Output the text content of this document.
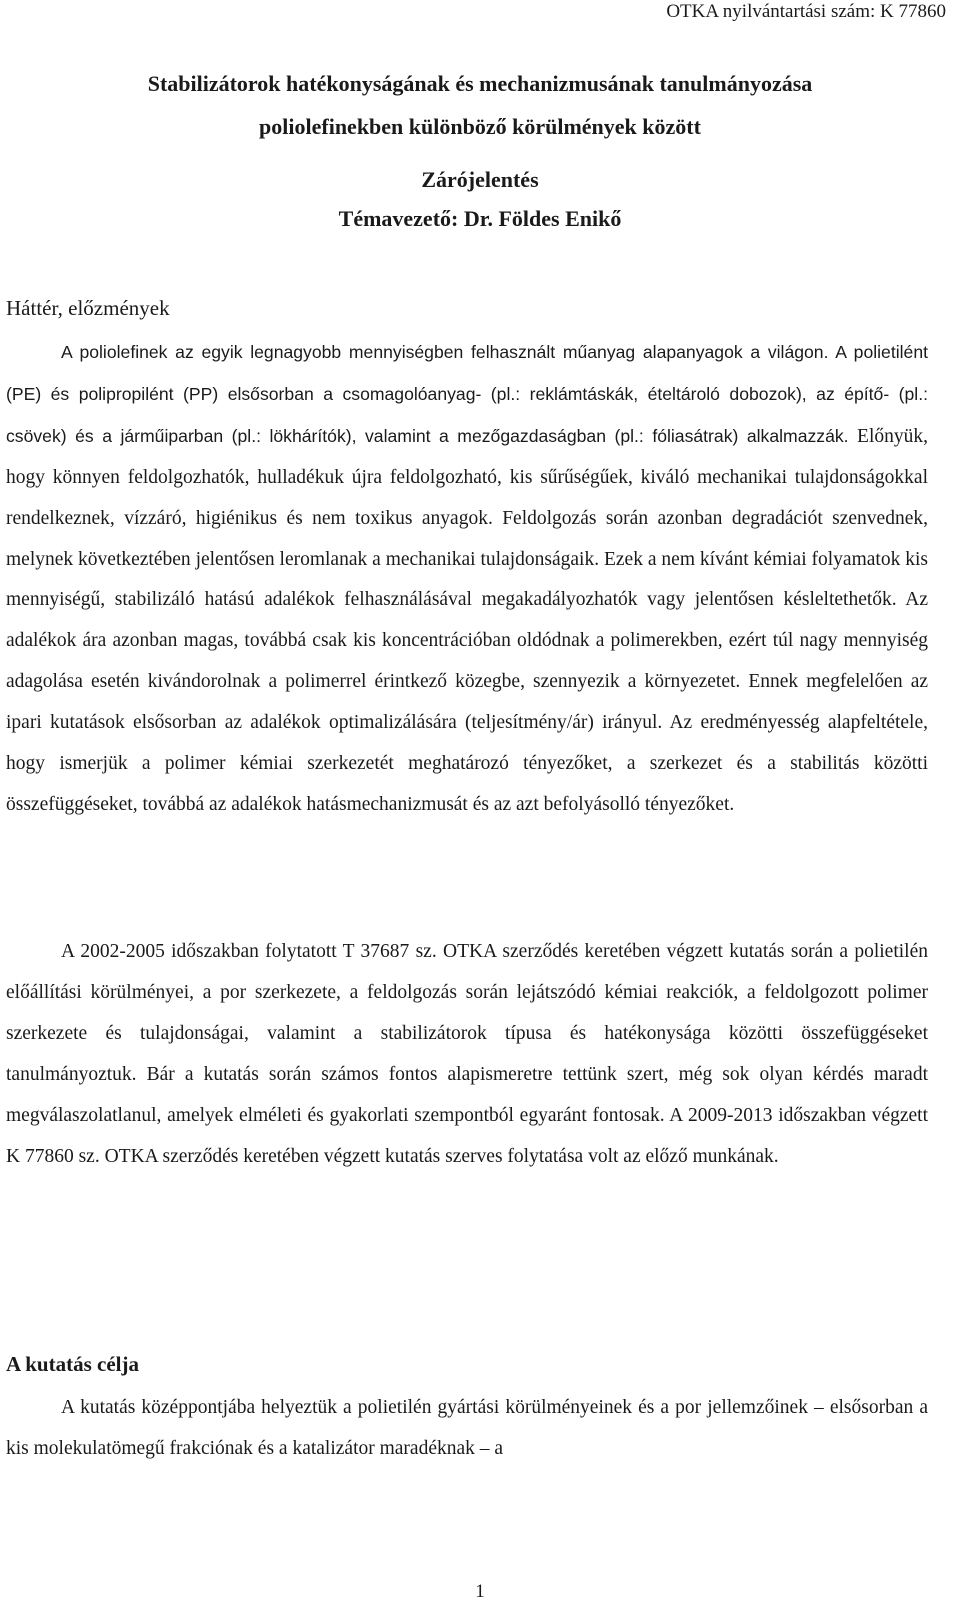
OTKA nyilvántartási szám: K 77860
Stabilizátorok hatékonyságának és mechanizmusának tanulmányozása
poliolefinekben különböző körülmények között
Zárójelentés
Témavezető: Dr. Földes Enikő
Háttér, előzmények

A poliolefinek az egyik legnagyobb mennyiségben felhasznált műanyag alapanyagok a világon. A polietilént (PE) és polipropilént (PP) elsősorban a csomagolóanyag- (pl.: reklámtáskák, ételtároló dobozok), az építő- (pl.: csövek) és a járműiparban (pl.: lökhárítók), valamint a mezőgazdaságban (pl.: fóliasátrak) alkalmazzák. Előnyük, hogy könnyen feldolgozhatók, hulladékuk újra feldolgozható, kis sűrűségűek, kiváló mechanikai tulajdonságokkal rendelkeznek, vízzáró, higiénikus és nem toxikus anyagok. Feldolgozás során azonban degradációt szenvednek, melynek következtében jelentősen leromlanak a mechanikai tulajdonságaik. Ezek a nem kívánt kémiai folyamatok kis mennyiségű, stabilizáló hatású adalékok felhasználásával megakadályozhatók vagy jelentősen késleltethetők. Az adalékok ára azonban magas, továbbá csak kis koncentrációban oldódnak a polimerekben, ezért túl nagy mennyiség adagolása esetén kivándorolnak a polimerrel érintkező közegbe, szennyezik a környezetet. Ennek megfelelően az ipari kutatások elsősorban az adalékok optimalizálására (teljesítmény/ár) irányul. Az eredményesség alapfeltétele, hogy ismerjük a polimer kémiai szerkezetét meghatározó tényezőket, a szerkezet és a stabilitás közötti összefüggéseket, továbbá az adalékok hatásmechanizmusát és az azt befolyásolló tényezőket.

A 2002-2005 időszakban folytatott T 37687 sz. OTKA szerződés keretében végzett kutatás során a polietilén előállítási körülményei, a por szerkezete, a feldolgozás során lejátszódó kémiai reakciók, a feldolgozott polimer szerkezete és tulajdonságai, valamint a stabilizátorok típusa és hatékonysága közötti összefüggéseket tanulmányoztuk. Bár a kutatás során számos fontos alapismeretre tettünk szert, még sok olyan kérdés maradt megválaszolatlanul, amelyek elméleti és gyakorlati szempontból egyaránt fontosak. A 2009-2013 időszakban végzett K 77860 sz. OTKA szerződés keretében végzett kutatás szerves folytatása volt az előző munkának.

A kutatás célja

A kutatás középpontjába helyeztük a polietilén gyártási körülményeinek és a por jellemzőinek – elsősorban a kis molekulatömegű frakciónak és a katalizátor maradéknak – a

1
